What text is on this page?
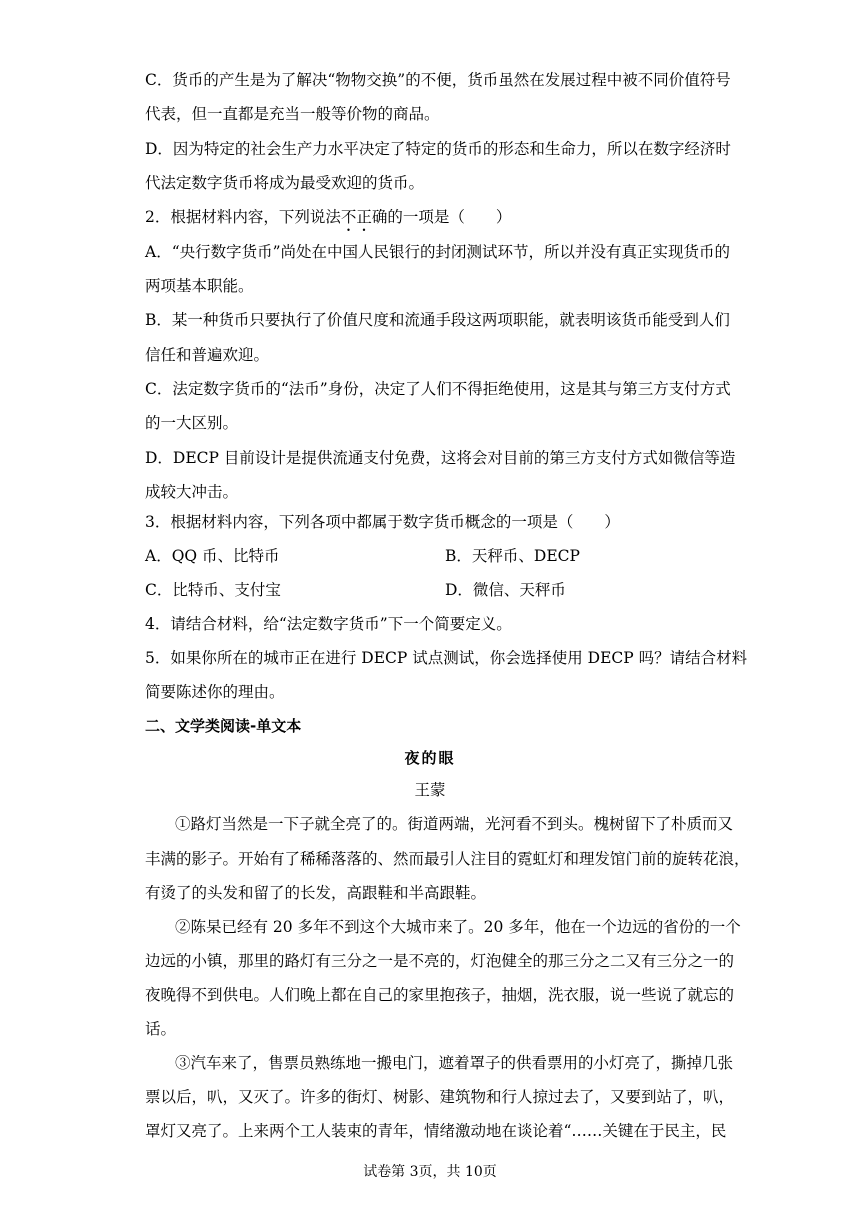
C．货币的产生是为了解决“物物交换”的不便，货币虽然在发展过程中被不同价值符号
代表，但一直都是充当一般等价物的商品。
D．因为特定的社会生产力水平决定了特定的货币的形态和生命力，所以在数字经济时
代法定数字货币将成为最受欢迎的货币。
2．根据材料内容，下列说法不正确的一项是（　　）
A．“央行数字货币”尚处在中国人民银行的封闭测试环节，所以并没有真正实现货币的
两项基本职能。
B．某一种货币只要执行了价值尺度和流通手段这两项职能，就表明该货币能受到人们
信任和普遍欢迎。
C．法定数字货币的“法币”身份，决定了人们不得拒绝使用，这是其与第三方支付方式
的一大区别。
D．DECP 目前设计是提供流通支付免费，这将会对目前的第三方支付方式如微信等造
成较大冲击。
3．根据材料内容，下列各项中都属于数字货币概念的一项是（　　）
A．QQ 币、比特币	B．天秤币、DECP
C．比特币、支付宝	D．微信、天秤币
4．请结合材料，给“法定数字货币”下一个简要定义。
5．如果你所在的城市正在进行 DECP 试点测试，你会选择使用 DECP 吗？请结合材料
简要陈述你的理由。
二、文学类阅读-单文本
夜的眼
王蒙
①路灯当然是一下子就全亮了的。街道两端，光河看不到头。槐树留下了朴质而又
丰满的影子。开始有了稀稀落落的、然而最引人注目的霓虹灯和理发馆门前的旋转花浪，
有烫了的头发和留了的长发，高跟鞋和半高跟鞋。
②陈杲已经有 20 多年不到这个大城市来了。20 多年，他在一个边远的省份的一个
边远的小镇，那里的路灯有三分之一是不亮的，灯泡健全的那三分之二又有三分之一的
夜晚得不到供电。人们晚上都在自己的家里抱孩子，抽烟，洗衣服，说一些说了就忘的
话。
③汽车来了，售票员熟练地一搬电门，遮着罩子的供看票用的小灯亮了，撕掉几张
票以后，叭，又灭了。许多的街灯、树影、建筑物和行人掠过去了，又要到站了，叭，
罩灯又亮了。上来两个工人装束的青年，情绪激动地在谈论着“……关键在于民主，民
试卷第 3页，共 10页
